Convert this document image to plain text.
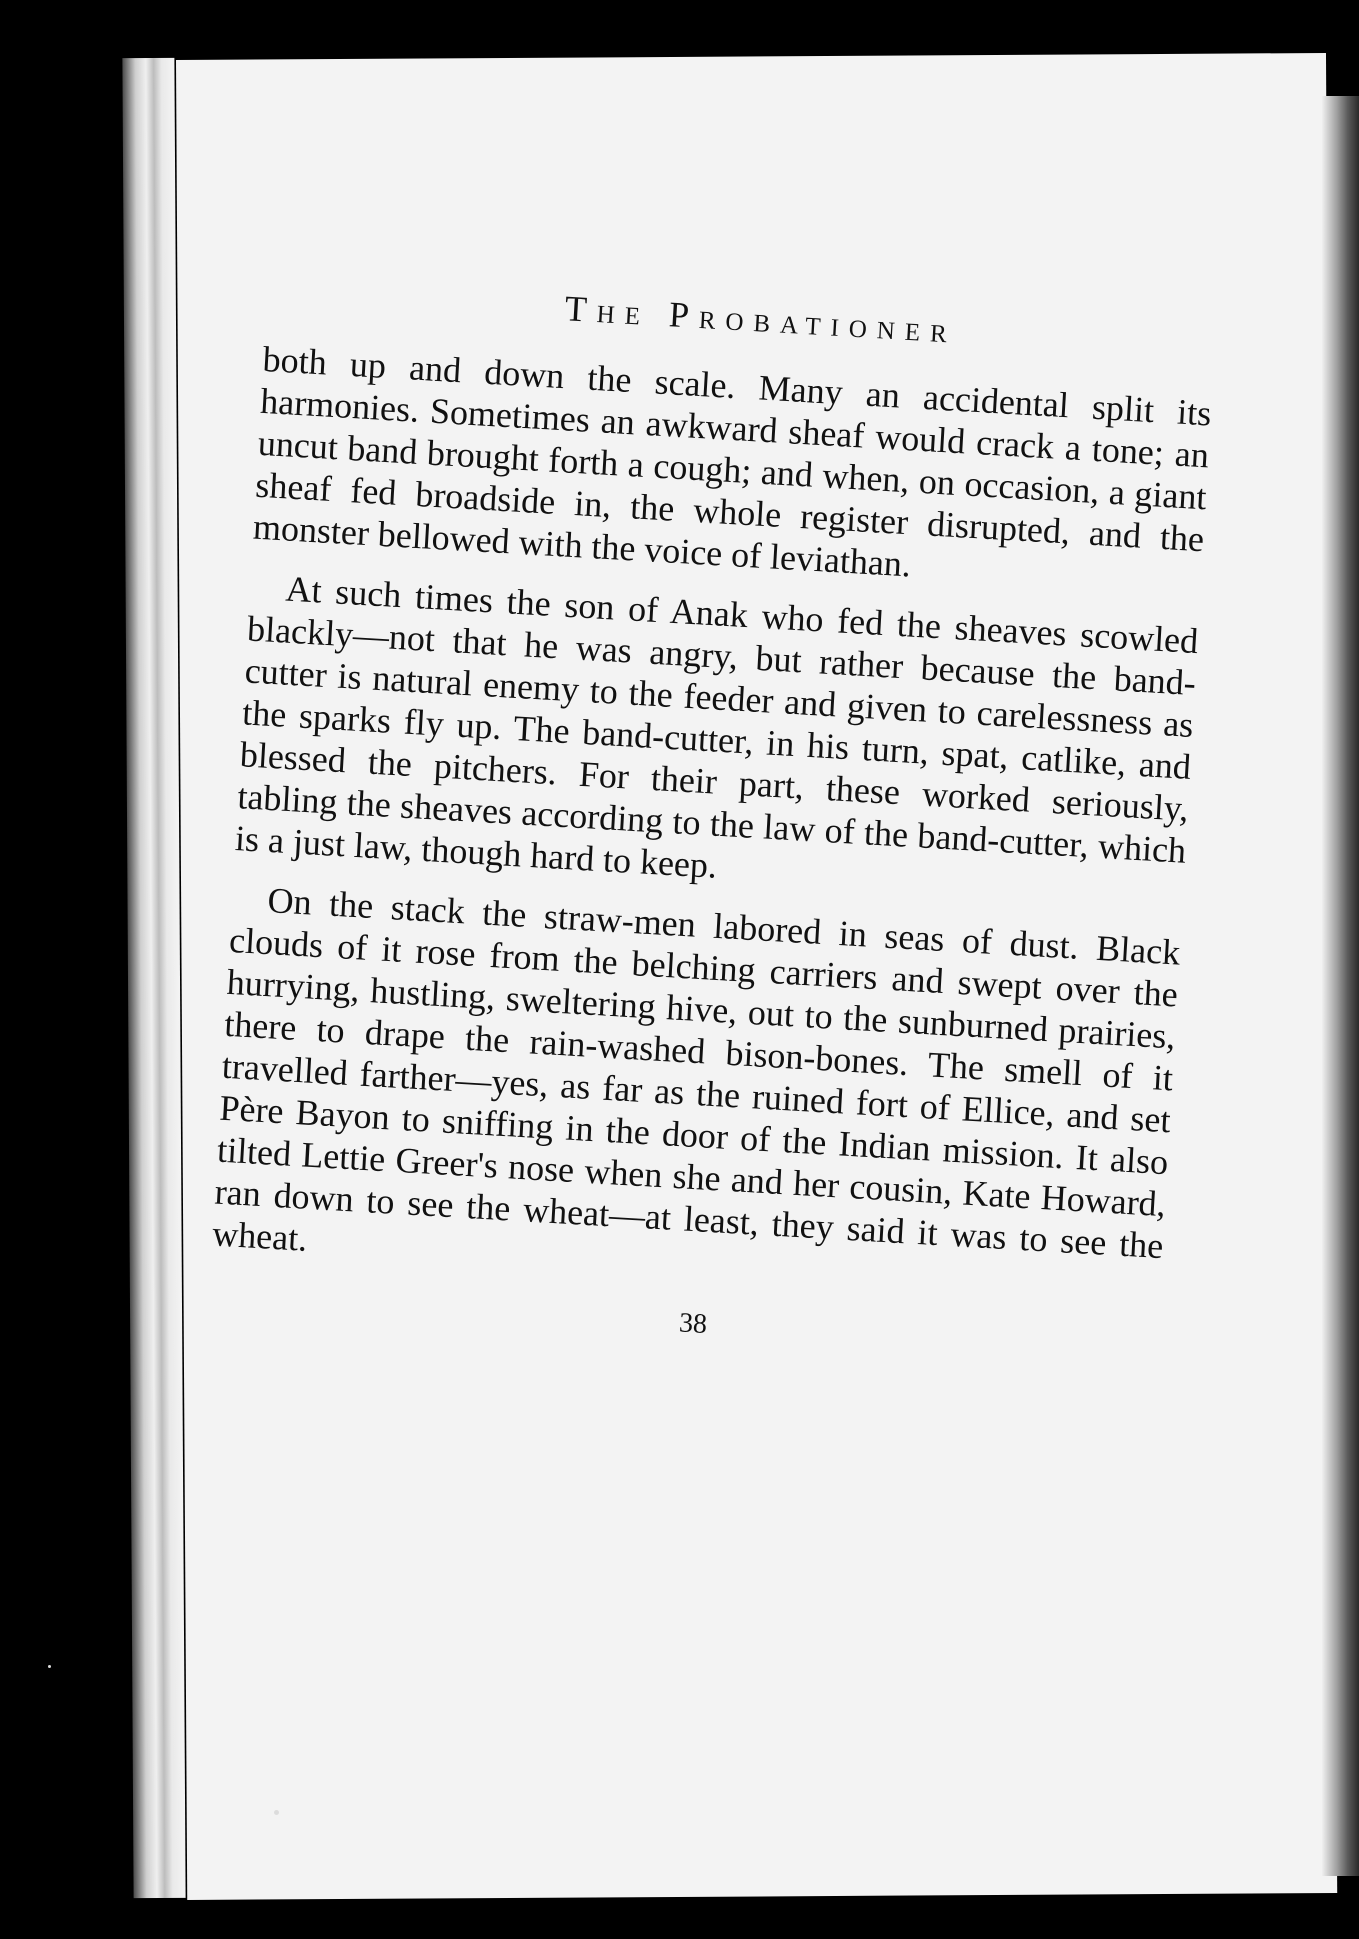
The Probationer

both up and down the scale. Many an accidental split its harmonies. Sometimes an awkward sheaf would crack a tone; an uncut band brought forth a cough; and when, on occasion, a giant sheaf fed broadside in, the whole register disrupted, and the monster bellowed with the voice of leviathan.

At such times the son of Anak who fed the sheaves scowled blackly—not that he was angry, but rather because the band-cutter is natural enemy to the feeder and given to carelessness as the sparks fly up. The band-cutter, in his turn, spat, catlike, and blessed the pitchers. For their part, these worked seriously, tabling the sheaves according to the law of the band-cutter, which is a just law, though hard to keep.

On the stack the straw-men labored in seas of dust. Black clouds of it rose from the belching carriers and swept over the hurrying, hustling, sweltering hive, out to the sunburned prairies, there to drape the rain-washed bison-bones. The smell of it travelled farther—yes, as far as the ruined fort of Ellice, and set Père Bayon to sniffing in the door of the Indian mission. It also tilted Lettie Greer's nose when she and her cousin, Kate Howard, ran down to see the wheat—at least, they said it was to see the wheat.

38
